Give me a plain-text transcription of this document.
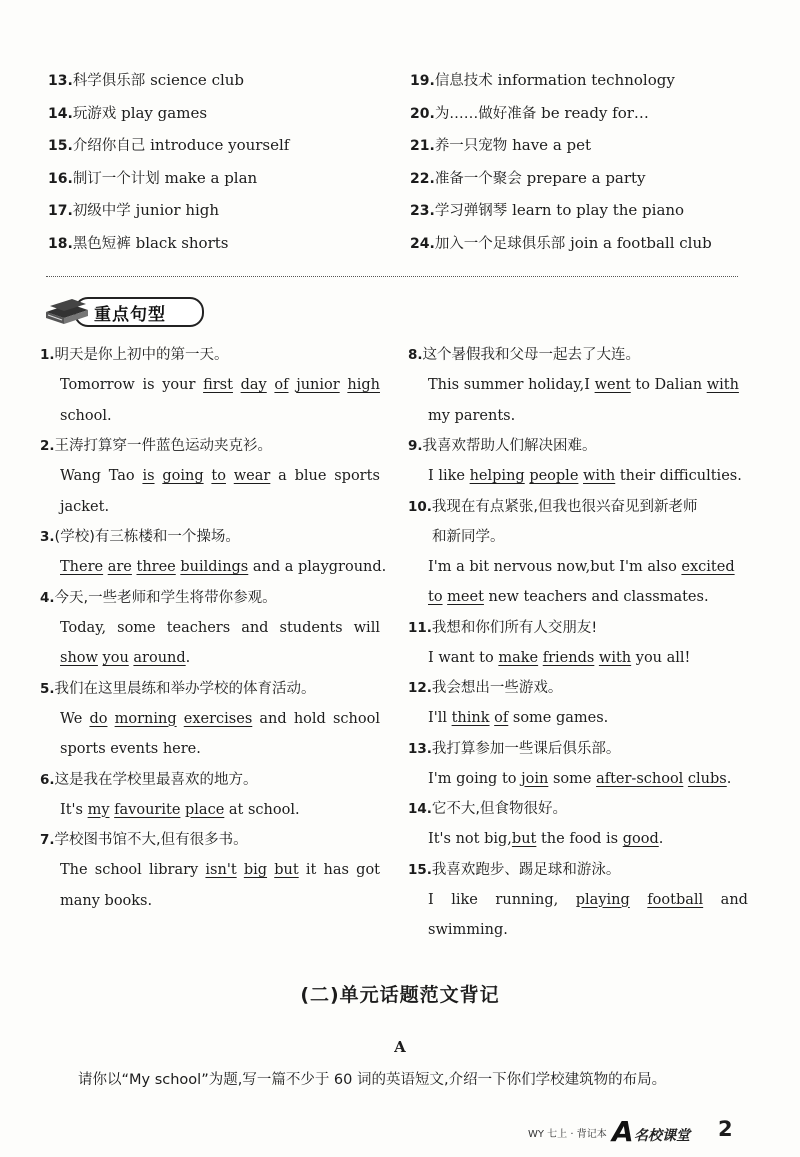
13.科学俱乐部 science club
14.玩游戏 play games
15.介绍你自己 introduce yourself
16.制订一个计划 make a plan
17.初级中学 junior high
18.黑色短裤 black shorts
19.信息技术 information technology
20.为……做好准备 be ready for…
21.养一只宠物 have a pet
22.准备一个聚会 prepare a party
23.学习弹钢琴 learn to play the piano
24.加入一个足球俱乐部 join a football club
重点句型
1.明天是你上初中的第一天。
Tomorrow is your first day of junior high
school.
2.王涛打算穿一件蓝色运动夹克衫。
Wang Tao is going to wear a blue sports
jacket.
3.(学校)有三栋楼和一个操场。
There are three buildings and a playground.
4.今天,一些老师和学生将带你参观。
Today, some teachers and students will
show you around.
5.我们在这里晨练和举办学校的体育活动。
We do morning exercises and hold school
sports events here.
6.这是我在学校里最喜欢的地方。
It's my favourite place at school.
7.学校图书馆不大,但有很多书。
The school library isn't big but it has got
many books.
8.这个暑假我和父母一起去了大连。
This summer holiday,I went to Dalian with
my parents.
9.我喜欢帮助人们解决困难。
I like helping people with their difficulties.
10.我现在有点紧张,但我也很兴奋见到新老师
和新同学。
I'm a bit nervous now,but I'm also excited
to meet new teachers and classmates.
11.我想和你们所有人交朋友!
I want to make friends with you all!
12.我会想出一些游戏。
I'll think of some games.
13.我打算参加一些课后俱乐部。
I'm going to join some after-school clubs.
14.它不大,但食物很好。
It's not big,but the food is good.
15.我喜欢跑步、踢足球和游泳。
I like running, playing football and
swimming.
(二)单元话题范文背记
A
请你以“My school”为题,写一篇不少于 60 词的英语短文,介绍一下你们学校建筑物的布局。
WY 七上 · 背记本 A 名校课堂 2
